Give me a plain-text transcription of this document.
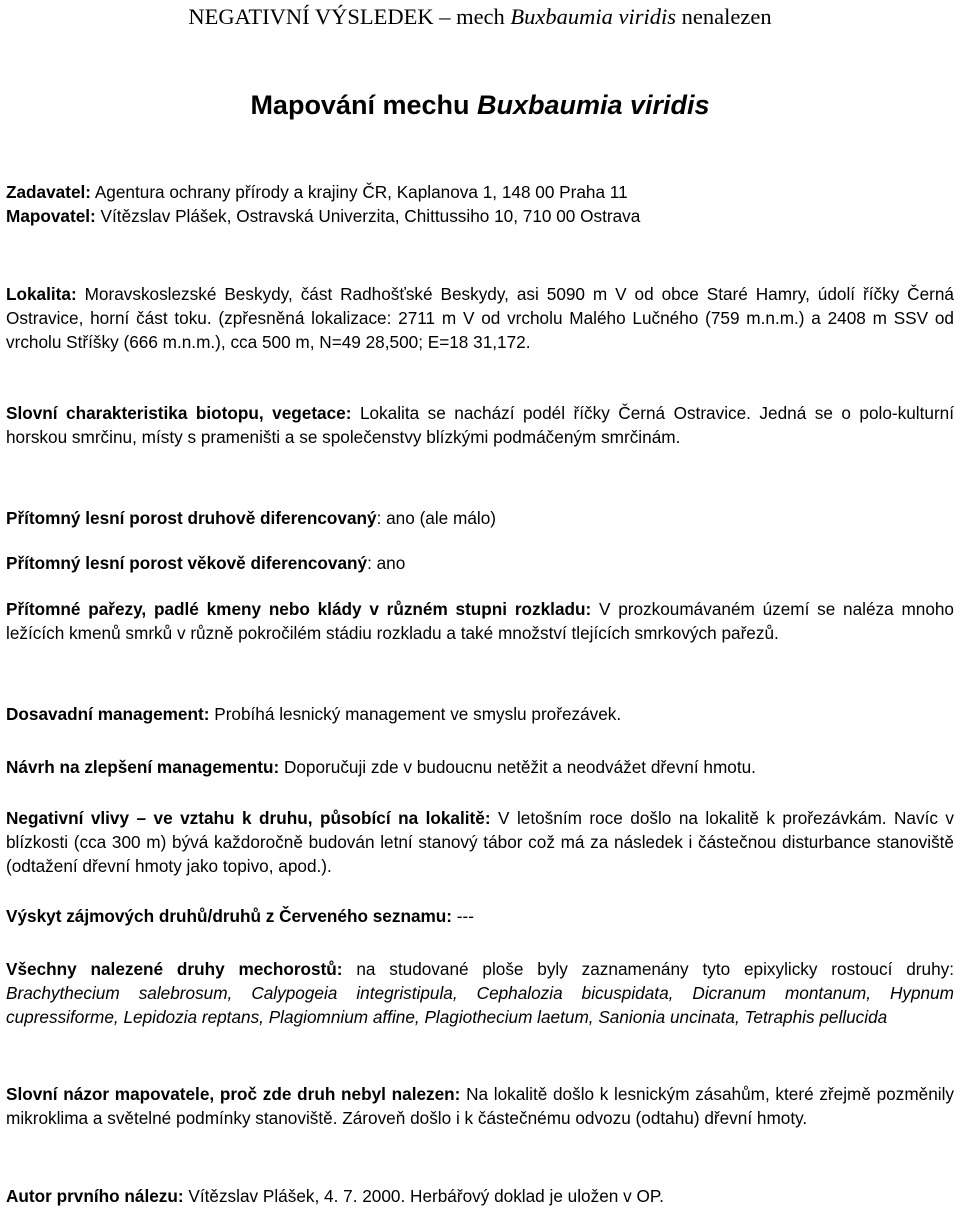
NEGATIVNÍ VÝSLEDEK – mech Buxbaumia viridis nenalezen
Mapování mechu Buxbaumia viridis
Zadavatel: Agentura ochrany přírody a krajiny ČR, Kaplanova 1, 148 00 Praha 11
Mapovatel: Vítězslav Plášek, Ostravská Univerzita, Chittussiho 10, 710 00 Ostrava
Lokalita: Moravskoslezské Beskydy, část Radhošťské Beskydy, asi 5090 m V od obce Staré Hamry, údolí říčky Černá Ostravice, horní část toku. (zpřesněná lokalizace: 2711 m V od vrcholu Malého Lučného (759 m.n.m.) a 2408 m SSV od vrcholu Stříšky (666 m.n.m.), cca 500 m, N=49 28,500; E=18 31,172.
Slovní charakteristika biotopu, vegetace: Lokalita se nachází podél říčky Černá Ostravice. Jedná se o polo-kulturní horskou smrčinu, místy s prameništi a se společenstvy blízkými podmáčeným smrčinám.
Přítomný lesní porost druhově diferencovaný: ano (ale málo)
Přítomný lesní porost věkově diferencovaný: ano
Přítomné pařezy, padlé kmeny nebo klády v různém stupni rozkladu: V prozkoumávaném území se naléza mnoho ležících kmenů smrků v různě pokročilém stádiu rozkladu a také množství tlejících smrkových pařezů.
Dosavadní management: Probíhá lesnický management ve smyslu prořezávek.
Návrh na zlepšení managementu: Doporučuji zde v budoucnu netěžit a neodvážet dřevní hmotu.
Negativní vlivy – ve vztahu k druhu, působící na lokalitě: V letošním roce došlo na lokalitě k prořezávkám. Navíc v blízkosti (cca 300 m) bývá každoročně budován letní stanový tábor což má za následek i částečnou disturbance stanoviště (odtažení dřevní hmoty jako topivo, apod.).
Výskyt zájmových druhů/druhů z Červeného seznamu: ---
Všechny nalezené druhy mechorostů: na studované ploše byly zaznamenány tyto epixylicky rostoucí druhy: Brachythecium salebrosum, Calypogeia integristipula, Cephalozia bicuspidata, Dicranum montanum, Hypnum cupressiforme, Lepidozia reptans, Plagiomnium affine, Plagiothecium laetum, Sanionia uncinata, Tetraphis pellucida
Slovní názor mapovatele, proč zde druh nebyl nalezen: Na lokalitě došlo k lesnickým zásahům, které zřejmě pozměnily mikroklima a světelné podmínky stanoviště. Zároveň došlo i k částečnému odvozu (odtahu) dřevní hmoty.
Autor prvního nálezu: Vítězslav Plášek, 4. 7. 2000. Herbářový doklad je uložen v OP.
